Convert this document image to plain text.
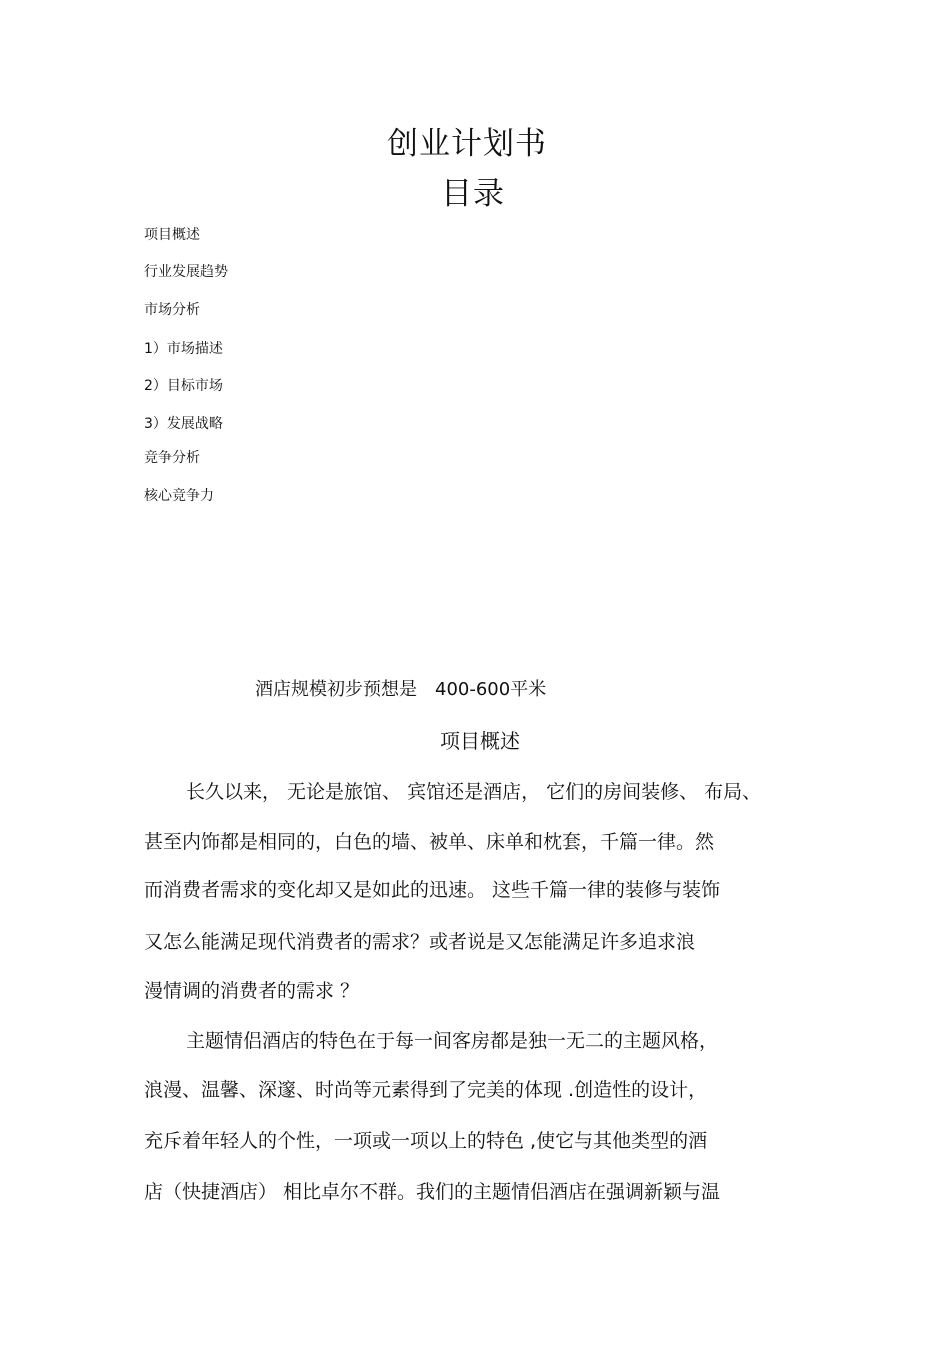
创业计划书
目录
项目概述
行业发展趋势
市场分析
1）市场描述
2）目标市场
3）发展战略
竞争分析
核心竞争力
酒店规模初步预想是 400-600平米
项目概述
长久以来， 无论是旅馆、 宾馆还是酒店， 它们的房间装修、 布局、
甚至内饰都是相同的，白色的墙、被单、床单和枕套，千篇一律。然
而消费者需求的变化却又是如此的迅速。 这些千篇一律的装修与装饰
又怎么能满足现代消费者的需求？或者说是又怎能满足许多追求浪
漫情调的消费者的需求 ？
主题情侣酒店的特色在于每一间客房都是独一无二的主题风格，
浪漫、温馨、深邃、时尚等元素得到了完美的体现 .创造性的设计，
充斥着年轻人的个性，一项或一项以上的特色 ,使它与其他类型的酒
店（快捷酒店） 相比卓尔不群。我们的主题情侣酒店在强调新颖与温
